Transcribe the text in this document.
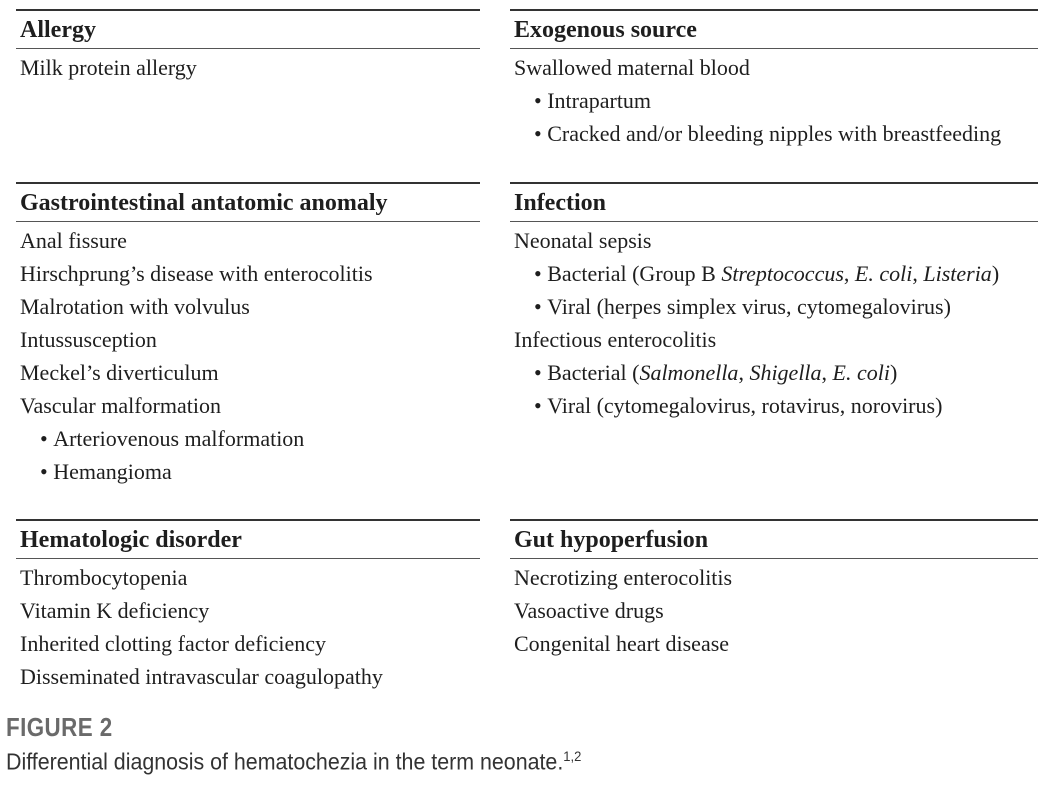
Allergy
Milk protein allergy
Exogenous source
Swallowed maternal blood
• Intrapartum
• Cracked and/or bleeding nipples with breastfeeding
Gastrointestinal antatomic anomaly
Anal fissure
Hirschprung’s disease with enterocolitis
Malrotation with volvulus
Intussusception
Meckel’s diverticulum
Vascular malformation
• Arteriovenous malformation
• Hemangioma
Infection
Neonatal sepsis
• Bacterial (Group B Streptococcus, E. coli, Listeria)
• Viral (herpes simplex virus, cytomegalovirus)
Infectious enterocolitis
• Bacterial (Salmonella, Shigella, E. coli)
• Viral (cytomegalovirus, rotavirus, norovirus)
Hematologic disorder
Thrombocytopenia
Vitamin K deficiency
Inherited clotting factor deficiency
Disseminated intravascular coagulopathy
Gut hypoperfusion
Necrotizing enterocolitis
Vasoactive drugs
Congenital heart disease
FIGURE 2
Differential diagnosis of hematochezia in the term neonate.$^{1,2}$
